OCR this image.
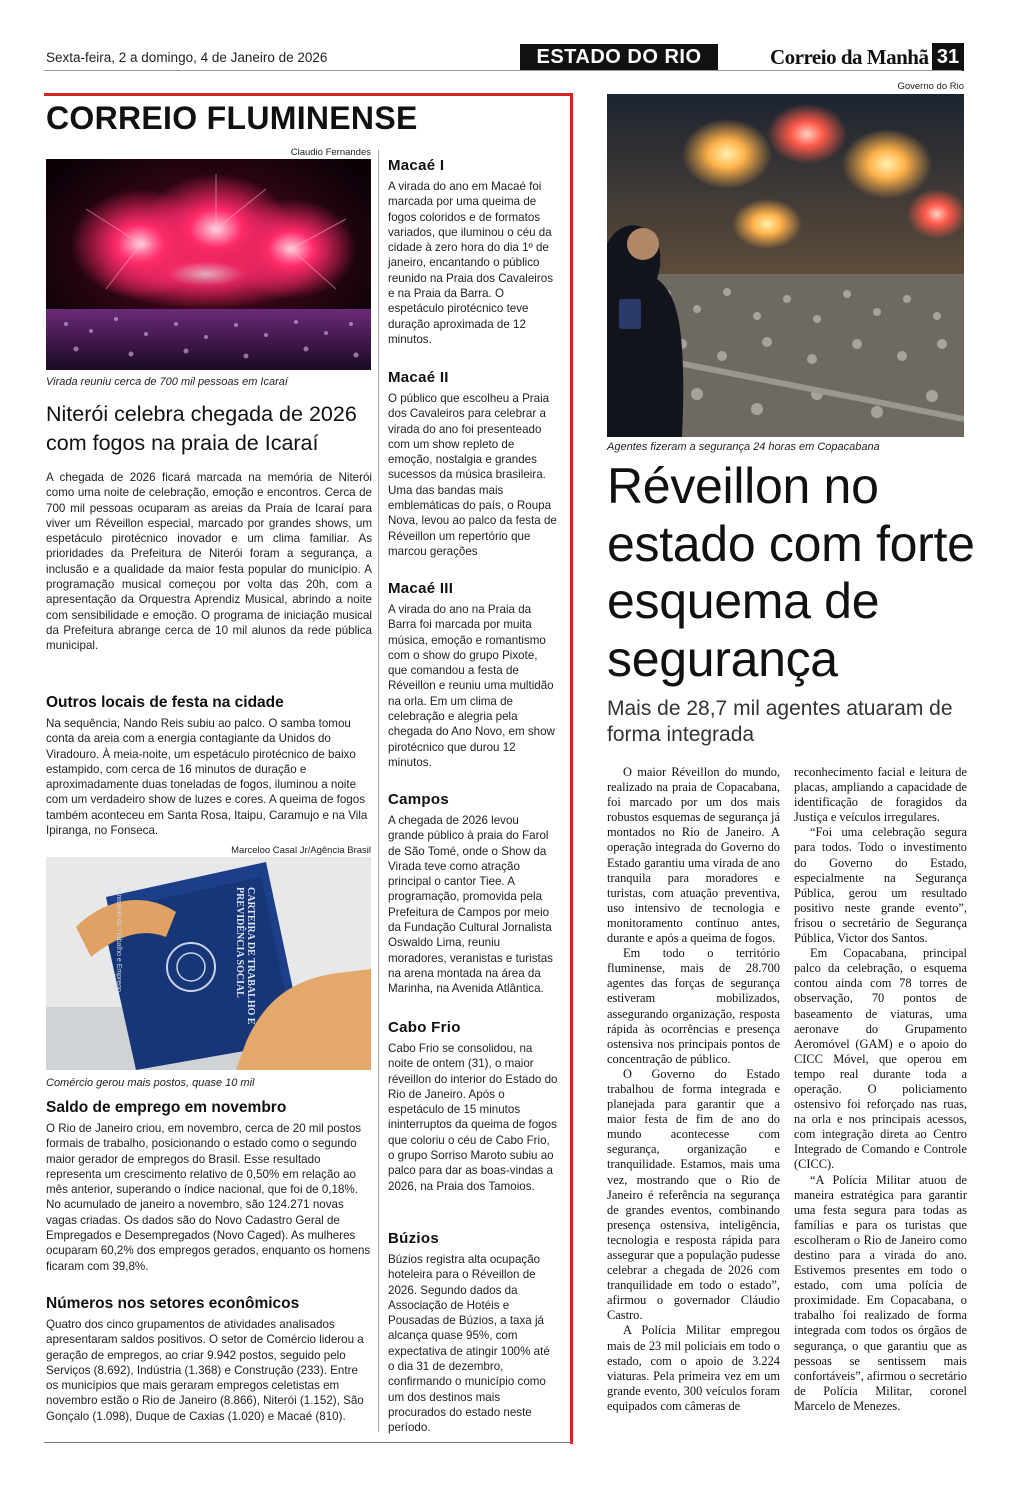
Sexta-feira, 2 a domingo, 4 de Janeiro de 2026	ESTADO DO RIO	Correio da Manhã 31
CORREIO FLUMINENSE
Claudio Fernandes
Virada reuniu cerca de 700 mil pessoas em Icaraí
Niterói celebra chegada de 2026 com fogos na praia de Icaraí
A chegada de 2026 ficará marcada na memória de Niterói como uma noite de celebração, emoção e encontros. Cerca de 700 mil pessoas ocuparam as areias da Praia de Icaraí para viver um Réveillon especial, marcado por grandes shows, um espetáculo pirotécnico inovador e um clima familiar. As prioridades da Prefeitura de Niterói foram a segurança, a inclusão e a qualidade da maior festa popular do município. A programação musical começou por volta das 20h, com a apresentação da Orquestra Aprendiz Musical, abrindo a noite com sensibilidade e emoção. O programa de iniciação musical da Prefeitura abrange cerca de 10 mil alunos da rede pública municipal.
Outros locais de festa na cidade
Na sequência, Nando Reis subiu ao palco. O samba tomou conta da areia com a energia contagiante da Unidos do Viradouro. À meia-noite, um espetáculo pirotécnico de baixo estampido, com cerca de 16 minutos de duração e aproximadamente duas toneladas de fogos, iluminou a noite com um verdadeiro show de luzes e cores. A queima de fogos também aconteceu em Santa Rosa, Itaipu, Caramujo e na Vila Ipiranga, no Fonseca.
Marceloo Casal Jr/Agência Brasil
CARTEIRA DE TRABALHO E PREVIDÊNCIA SOCIAL
Ministério do Trabalho e Emprego
Comércio gerou mais postos, quase 10 mil
Saldo de emprego em novembro
O Rio de Janeiro criou, em novembro, cerca de 20 mil postos formais de trabalho, posicionando o estado como o segundo maior gerador de empregos do Brasil. Esse resultado representa um crescimento relativo de 0,50% em relação ao mês anterior, superando o índice nacional, que foi de 0,18%. No acumulado de janeiro a novembro, são 124.271 novas vagas criadas. Os dados são do Novo Cadastro Geral de Empregados e Desempregados (Novo Caged). As mulheres ocuparam 60,2% dos empregos gerados, enquanto os homens ficaram com 39,8%.
Números nos setores econômicos
Quatro dos cinco grupamentos de atividades analisados apresentaram saldos positivos. O setor de Comércio liderou a geração de empregos, ao criar 9.942 postos, seguido pelo Serviços (8.692), Indústria (1.368) e Construção (233). Entre os municípios que mais geraram empregos celetistas em novembro estão o Rio de Janeiro (8.866), Niterói (1.152), São Gonçalo (1.098), Duque de Caxias (1.020) e Macaé (810).
Macaé I
A virada do ano em Macaé foi marcada por uma queima de fogos coloridos e de formatos variados, que iluminou o céu da cidade à zero hora do dia 1º de janeiro, encantando o público reunido na Praia dos Cavaleiros e na Praia da Barra. O espetáculo pirotécnico teve duração aproximada de 12 minutos.
Macaé II
O público que escolheu a Praia dos Cavaleiros para celebrar a virada do ano foi presenteado com um show repleto de emoção, nostalgia e grandes sucessos da música brasileira. Uma das bandas mais emblemáticas do país, o Roupa Nova, levou ao palco da festa de Réveillon um repertório que marcou gerações
Macaé III
A virada do ano na Praia da Barra foi marcada por muita música, emoção e romantismo com o show do grupo Pixote, que comandou a festa de Réveillon e reuniu uma multidão na orla. Em um clima de celebração e alegria pela chegada do Ano Novo, em show pirotécnico que durou 12 minutos.
Campos
A chegada de 2026 levou grande público à praia do Farol de São Tomé, onde o Show da Virada teve como atração principal o cantor Tiee. A programação, promovida pela Prefeitura de Campos por meio da Fundação Cultural Jornalista Oswaldo Lima, reuniu moradores, veranistas e turistas na arena montada na área da Marinha, na Avenida Atlântica.
Cabo Frio
Cabo Frio se consolidou, na noite de ontem (31), o maior réveillon do interior do Estado do Rio de Janeiro. Após o espetáculo de 15 minutos ininterruptos da queima de fogos que coloriu o céu de Cabo Frio, o grupo Sorriso Maroto subiu ao palco para dar as boas-vindas a 2026, na Praia dos Tamoios.
Búzios
Búzios registra alta ocupação hoteleira para o Réveillon de 2026. Segundo dados da Associação de Hotéis e Pousadas de Búzios, a taxa já alcança quase 95%, com expectativa de atingir 100% até o dia 31 de dezembro, confirmando o município como um dos destinos mais procurados do estado neste período.
Governo do Rio
Agentes fizeram a segurança 24 horas em Copacabana
Réveillon no estado com forte esquema de segurança
Mais de 28,7 mil agentes atuaram de forma integrada

O maior Réveillon do mundo, realizado na praia de Copacabana, foi marcado por um dos mais robustos esquemas de segurança já montados no Rio de Janeiro. A operação integrada do Governo do Estado garantiu uma virada de ano tranquila para moradores e turistas, com atuação preventiva, uso intensivo de tecnologia e monitoramento contínuo antes, durante e após a queima de fogos.

Em todo o território fluminense, mais de 28.700 agentes das forças de segurança estiveram mobilizados, assegurando organização, resposta rápida às ocorrências e presença ostensiva nos principais pontos de concentração de público.

O Governo do Estado trabalhou de forma integrada e planejada para garantir que a maior festa de fim de ano do mundo acontecesse com segurança, organização e tranquilidade. Estamos, mais uma vez, mostrando que o Rio de Janeiro é referência na segurança de grandes eventos, combinando presença ostensiva, inteligência, tecnologia e resposta rápida para assegurar que a população pudesse celebrar a chegada de 2026 com tranquilidade em todo o estado”, afirmou o governador Cláudio Castro.

A Polícia Militar empregou mais de 23 mil policiais em todo o estado, com o apoio de 3.224 viaturas. Pela primeira vez em um grande evento, 300 veículos foram equipados com câmeras de

reconhecimento facial e leitura de placas, ampliando a capacidade de identificação de foragidos da Justiça e veículos irregulares.

“Foi uma celebração segura para todos. Todo o investimento do Governo do Estado, especialmente na Segurança Pública, gerou um resultado positivo neste grande evento”, frisou o secretário de Segurança Pública, Victor dos Santos.

Em Copacabana, principal palco da celebração, o esquema contou ainda com 78 torres de observação, 70 pontos de baseamento de viaturas, uma aeronave do Grupamento Aeromóvel (GAM) e o apoio do CICC Móvel, que operou em tempo real durante toda a operação. O policiamento ostensivo foi reforçado nas ruas, na orla e nos principais acessos, com integração direta ao Centro Integrado de Comando e Controle (CICC).

“A Polícia Militar atuou de maneira estratégica para garantir uma festa segura para todas as famílias e para os turistas que escolheram o Rio de Janeiro como destino para a virada do ano. Estivemos presentes em todo o estado, com uma polícia de proximidade. Em Copacabana, o trabalho foi realizado de forma integrada com todos os órgãos de segurança, o que garantiu que as pessoas se sentissem mais confortáveis”, afirmou o secretário de Polícia Militar, coronel Marcelo de Menezes.
